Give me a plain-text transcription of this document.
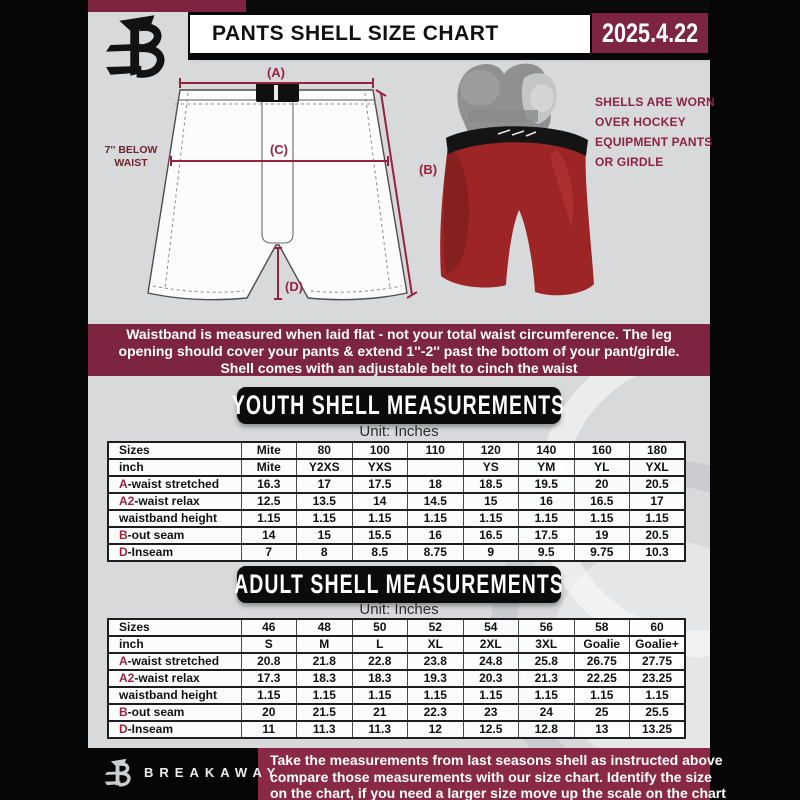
PANTS SHELL SIZE CHART	2025.4.22
(A)
(B)
(C)
(D)
7'' BELOW
WAIST
SHELLS ARE WORN
OVER HOCKEY
EQUIPMENT PANTS
OR GIRDLE
Waistband is measured when laid flat - not your total waist circumference. The leg
opening should cover your pants & extend 1''-2'' past the bottom of your pant/girdle.
Shell comes with an adjustable belt to cinch the waist
YOUTH SHELL MEASUREMENTS
Unit: Inches
Sizes	Mite	80	100	110	120	140	160	180
inch	Mite	Y2XS	YXS		YS	YM	YL	YXL
A-waist stretched	16.3	17	17.5	18	18.5	19.5	20	20.5
A2-waist relax	12.5	13.5	14	14.5	15	16	16.5	17
waistband height	1.15	1.15	1.15	1.15	1.15	1.15	1.15	1.15
B-out seam	14	15	15.5	16	16.5	17.5	19	20.5
D-Inseam	7	8	8.5	8.75	9	9.5	9.75	10.3
ADULT SHELL MEASUREMENTS
Unit: Inches
Sizes	46	48	50	52	54	56	58	60
inch	S	M	L	XL	2XL	3XL	Goalie	Goalie+
A-waist stretched	20.8	21.8	22.8	23.8	24.8	25.8	26.75	27.75
A2-waist relax	17.3	18.3	18.3	19.3	20.3	21.3	22.25	23.25
waistband height	1.15	1.15	1.15	1.15	1.15	1.15	1.15	1.15
B-out seam	20	21.5	21	22.3	23	24	25	25.5
D-Inseam	11	11.3	11.3	12	12.5	12.8	13	13.25
Take the measurements from last seasons shell as instructed above
compare those measurements with our size chart. Identify the size
on the chart, if you need a larger size move up the scale on the chart
BREAKAWAY
